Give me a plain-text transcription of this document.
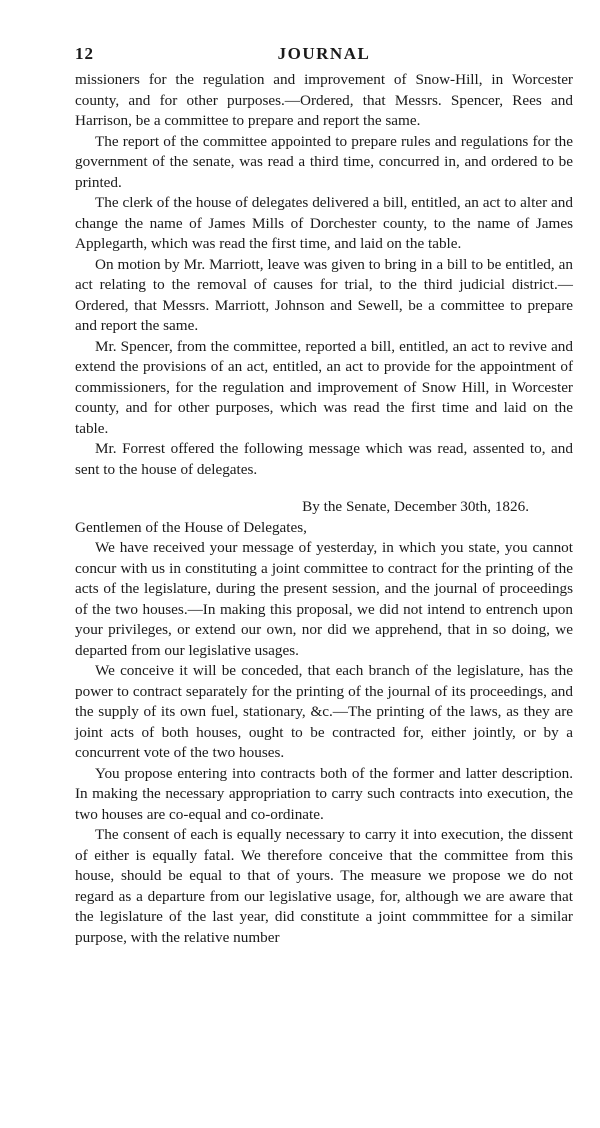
12	JOURNAL

missioners for the regulation and improvement of Snow-Hill, in Worcester county, and for other purposes.—Ordered, that Messrs. Spencer, Rees and Harrison, be a committee to prepare and report the same.

The report of the committee appointed to prepare rules and regulations for the government of the senate, was read a third time, concurred in, and ordered to be printed.

The clerk of the house of delegates delivered a bill, entitled, an act to alter and change the name of James Mills of Dorchester county, to the name of James Applegarth, which was read the first time, and laid on the table.

On motion by Mr. Marriott, leave was given to bring in a bill to be entitled, an act relating to the removal of causes for trial, to the third judicial district.—Ordered, that Messrs. Marriott, Johnson and Sewell, be a committee to prepare and report the same.

Mr. Spencer, from the committee, reported a bill, entitled, an act to revive and extend the provisions of an act, entitled, an act to provide for the appointment of commissioners, for the regulation and improvement of Snow Hill, in Worcester county, and for other purposes, which was read the first time and laid on the table.

Mr. Forrest offered the following message which was read, assented to, and sent to the house of delegates.

By the Senate, December 30th, 1826.

Gentlemen of the House of Delegates,

We have received your message of yesterday, in which you state, you cannot concur with us in constituting a joint committee to contract for the printing of the acts of the legislature, during the present session, and the journal of proceedings of the two houses.—In making this proposal, we did not intend to entrench upon your privileges, or extend our own, nor did we apprehend, that in so doing, we departed from our legislative usages.

We conceive it will be conceded, that each branch of the legislature, has the power to contract separately for the printing of the journal of its proceedings, and the supply of its own fuel, stationary, &c.—The printing of the laws, as they are joint acts of both houses, ought to be contracted for, either jointly, or by a concurrent vote of the two houses.

You propose entering into contracts both of the former and latter description. In making the necessary appropriation to carry such contracts into execution, the two houses are co-equal and co-ordinate.

The consent of each is equally necessary to carry it into execution, the dissent of either is equally fatal. We therefore conceive that the committee from this house, should be equal to that of yours. The measure we propose we do not regard as a departure from our legislative usage, for, although we are aware that the legislature of the last year, did constitute a joint commmittee for a similar purpose, with the relative number
